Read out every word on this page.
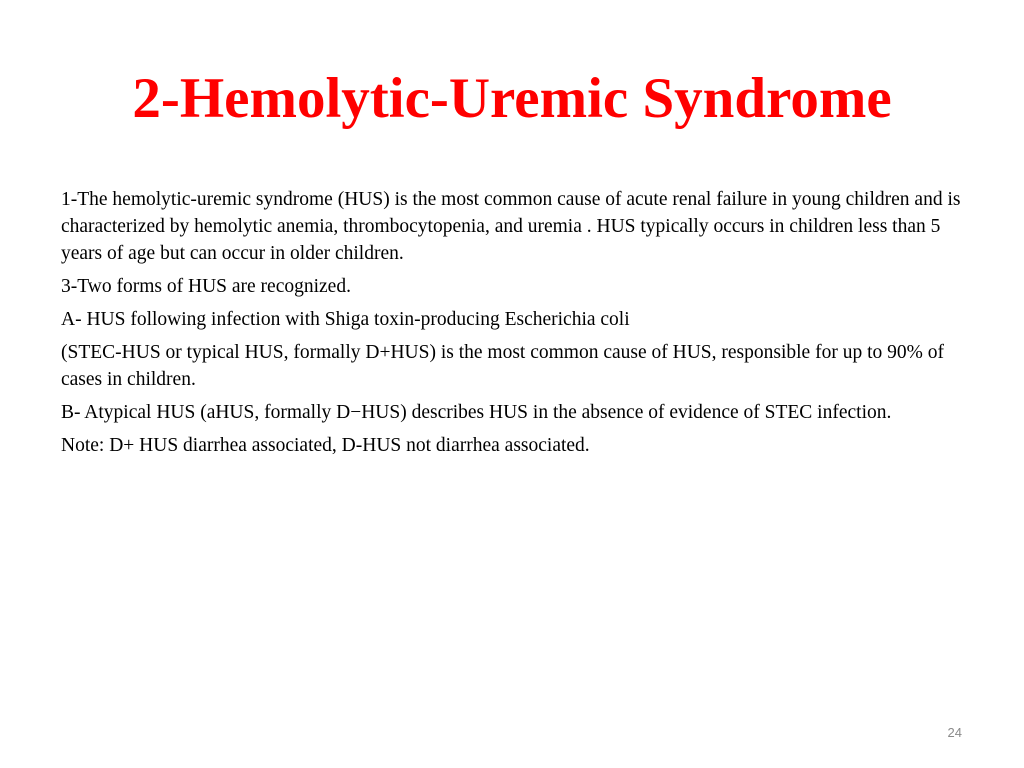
2-Hemolytic-Uremic Syndrome

1-The hemolytic-uremic syndrome (HUS) is the most common cause of acute renal failure in young children and is characterized by hemolytic anemia, thrombocytopenia, and uremia . HUS typically occurs in children less than 5 years of age but can occur in older children.

3-Two forms of HUS are recognized.

A- HUS following infection with Shiga toxin-producing Escherichia coli

(STEC-HUS or typical HUS, formally D+HUS) is the most common cause of HUS, responsible for up to 90% of cases in children.

B- Atypical HUS (aHUS, formally D−HUS) describes HUS in the absence of evidence of STEC infection.

Note: D+ HUS diarrhea associated, D-HUS not diarrhea associated.

24
